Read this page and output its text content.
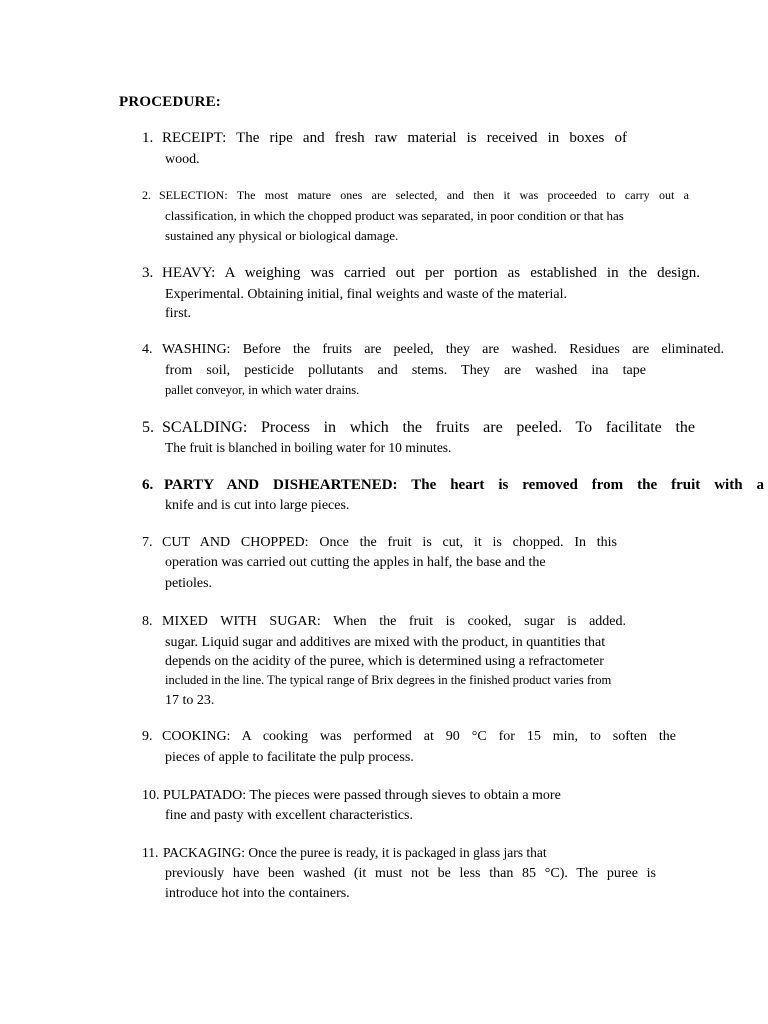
PROCEDURE:
1. RECEIPT: The ripe and fresh raw material is received in boxes of
wood.
2. SELECTION: The most mature ones are selected, and then it was proceeded to carry out a
classification, in which the chopped product was separated, in poor condition or that has
sustained any physical or biological damage.
3. HEAVY: A weighing was carried out per portion as established in the design.
Experimental. Obtaining initial, final weights and waste of the material.
first.
4. WASHING: Before the fruits are peeled, they are washed. Residues are eliminated.
from soil, pesticide pollutants and stems. They are washed ina tape
pallet conveyor, in which water drains.
5. SCALDING: Process in which the fruits are peeled. To facilitate the
The fruit is blanched in boiling water for 10 minutes.
6. PARTY AND DISHEARTENED: The heart is removed from the fruit with a
knife and is cut into large pieces.
7. CUT AND CHOPPED: Once the fruit is cut, it is chopped. In this
operation was carried out cutting the apples in half, the base and the
petioles.
8. MIXED WITH SUGAR: When the fruit is cooked, sugar is added.
sugar. Liquid sugar and additives are mixed with the product, in quantities that
depends on the acidity of the puree, which is determined using a refractometer
included in the line. The typical range of Brix degrees in the finished product varies from
17 to 23.
9. COOKING: A cooking was performed at 90 °C for 15 min, to soften the
pieces of apple to facilitate the pulp process.
10. PULPATADO: The pieces were passed through sieves to obtain a more
fine and pasty with excellent characteristics.
11. PACKAGING: Once the puree is ready, it is packaged in glass jars that
previously have been washed (it must not be less than 85 °C). The puree is
introduce hot into the containers.
